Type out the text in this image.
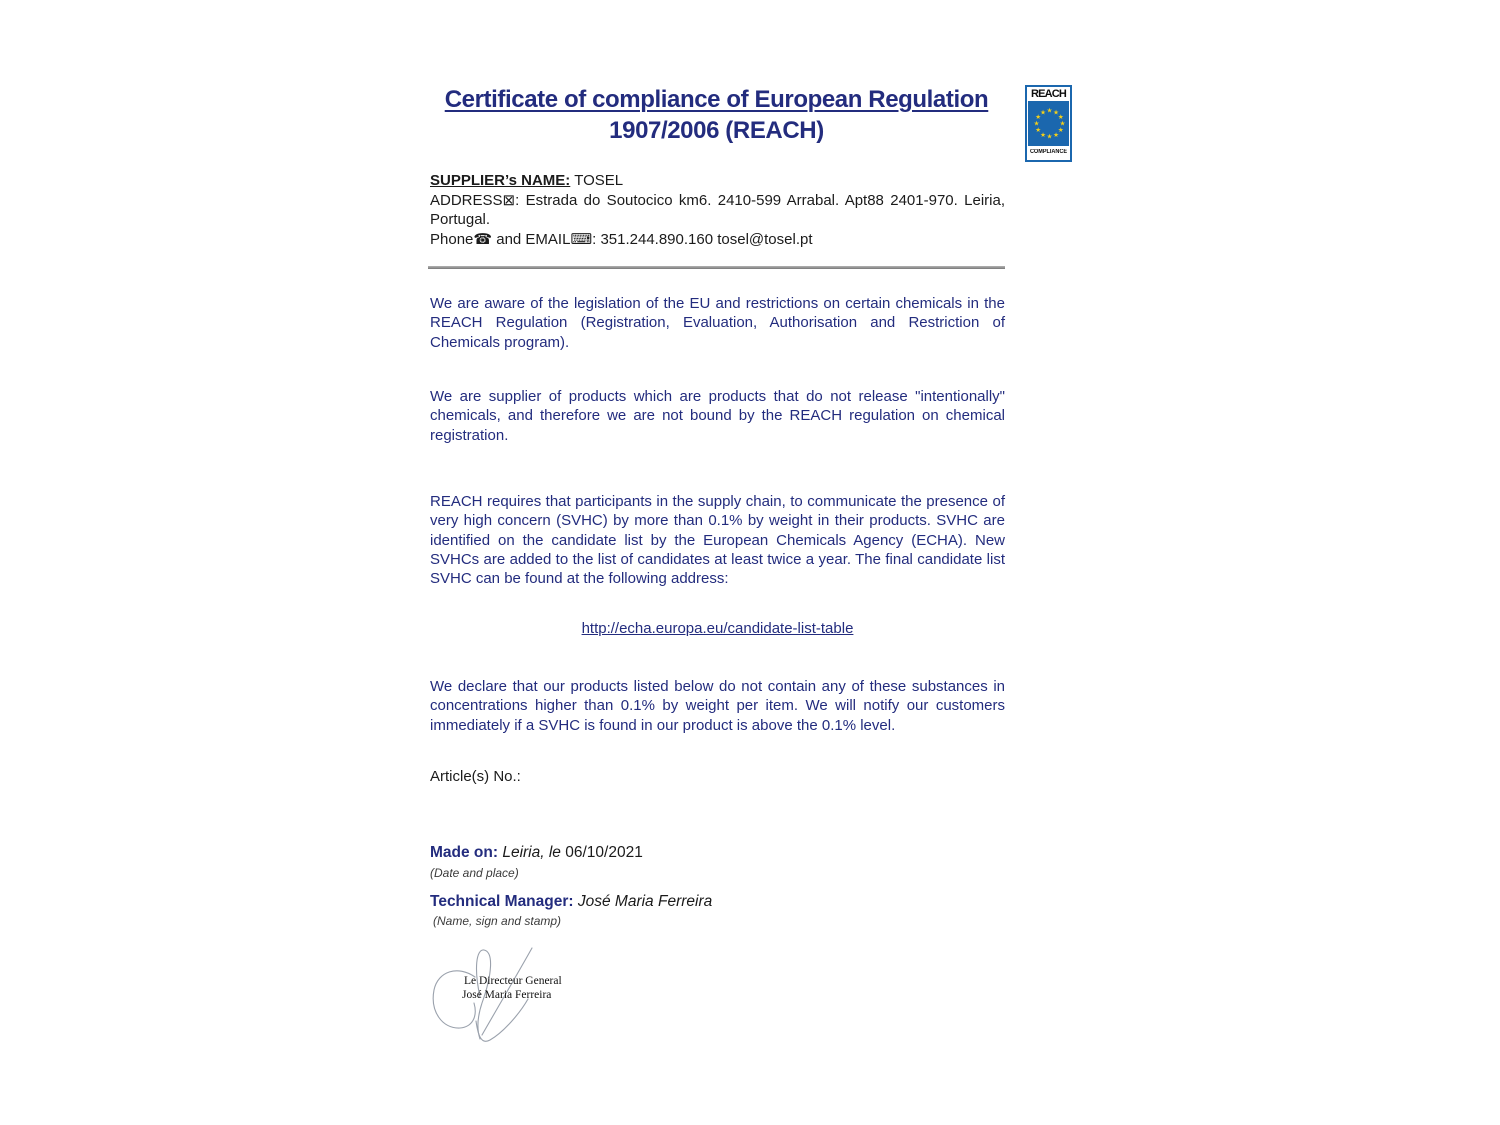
Certificate of compliance of European Regulation
1907/2006 (REACH)
REACH
★ ★
★
★
★
★
★
★
★
★
★
★
COMPLIANCE
SUPPLIER’s NAME: TOSEL
ADDRESS⊠: Estrada do Soutocico km6. 2410-599 Arrabal. Apt88 2401-970. Leiria, Portugal.
Phone☎ and EMAIL⌨: 351.244.890.160 tosel@tosel.pt
We are aware of the legislation of the EU and restrictions on certain chemicals in the REACH Regulation (Registration, Evaluation, Authorisation and Restriction of Chemicals program).
We are supplier of products which are products that do not release "intentionally" chemicals, and therefore we are not bound by the REACH regulation on chemical registration.
REACH requires that participants in the supply chain, to communicate the presence of very high concern (SVHC) by more than 0.1% by weight in their products. SVHC are identified on the candidate list by the European Chemicals Agency (ECHA). New SVHCs are added to the list of candidates at least twice a year. The final candidate list SVHC can be found at the following address:
http://echa.europa.eu/candidate-list-table
We declare that our products listed below do not contain any of these substances in concentrations higher than 0.1% by weight per item. We will notify our customers immediately if a SVHC is found in our product is above the 0.1% level.
Article(s) No.:
Made on: Leiria, le 06/10/2021
(Date and place)
Technical Manager: José Maria Ferreira
(Name, sign and stamp)
Le Directeur General
José Maria Ferreira
